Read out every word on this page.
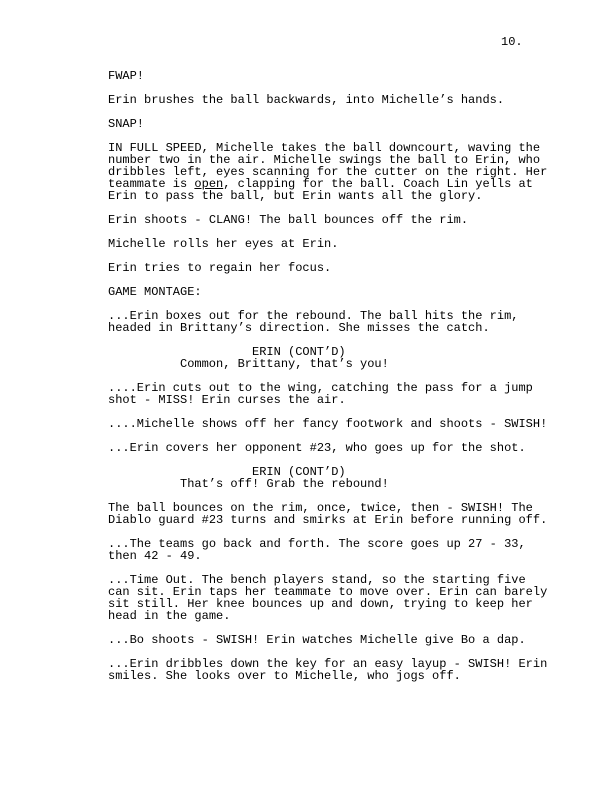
10.

FWAP!

Erin brushes the ball backwards, into Michelle’s hands.

SNAP!

IN FULL SPEED, Michelle takes the ball downcourt, waving the
number two in the air. Michelle swings the ball to Erin, who
dribbles left, eyes scanning for the cutter on the right. Her
teammate is open, clapping for the ball. Coach Lin yells at
Erin to pass the ball, but Erin wants all the glory.

Erin shoots - CLANG! The ball bounces off the rim.

Michelle rolls her eyes at Erin.

Erin tries to regain her focus.

GAME MONTAGE:

...Erin boxes out for the rebound. The ball hits the rim,
headed in Brittany’s direction. She misses the catch.

ERIN (CONT’D)
Common, Brittany, that’s you!

....Erin cuts out to the wing, catching the pass for a jump
shot - MISS! Erin curses the air.

....Michelle shows off her fancy footwork and shoots - SWISH!

...Erin covers her opponent #23, who goes up for the shot.

ERIN (CONT’D)
That’s off! Grab the rebound!

The ball bounces on the rim, once, twice, then - SWISH! The
Diablo guard #23 turns and smirks at Erin before running off.

...The teams go back and forth. The score goes up 27 - 33,
then 42 - 49.

...Time Out. The bench players stand, so the starting five
can sit. Erin taps her teammate to move over. Erin can barely
sit still. Her knee bounces up and down, trying to keep her
head in the game.

...Bo shoots - SWISH! Erin watches Michelle give Bo a dap.

...Erin dribbles down the key for an easy layup - SWISH! Erin
smiles. She looks over to Michelle, who jogs off.
